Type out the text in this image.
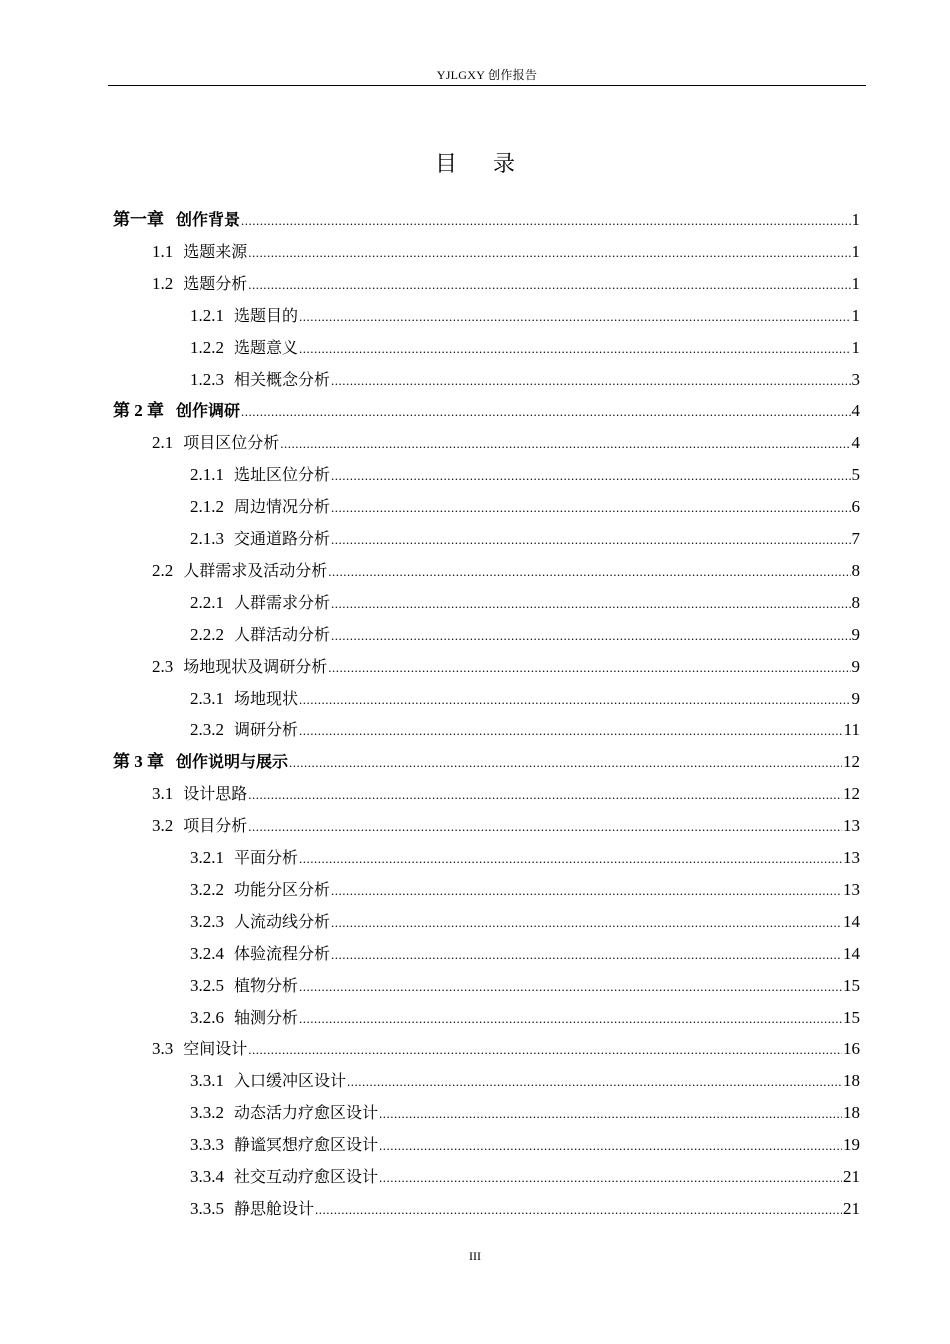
YJLGXY 创作报告
目 录
第一章 创作背景 .....	1
1.1 选题来源 .....	1
1.2 选题分析 .....	1
1.2.1 选题目的 .....	1
1.2.2 选题意义 .....	1
1.2.3 相关概念分析 .....	3
第 2 章 创作调研 .....	4
2.1 项目区位分析 .....	4
2.1.1 选址区位分析 .....	5
2.1.2 周边情况分析 .....	6
2.1.3 交通道路分析 .....	7
2.2 人群需求及活动分析 .....	8
2.2.1 人群需求分析 .....	8
2.2.2 人群活动分析 .....	9
2.3 场地现状及调研分析 .....	9
2.3.1 场地现状 .....	9
2.3.2 调研分析 .....	11
第 3 章 创作说明与展示 .....	12
3.1 设计思路 .....	12
3.2 项目分析 .....	13
3.2.1 平面分析 .....	13
3.2.2 功能分区分析 .....	13
3.2.3 人流动线分析 .....	14
3.2.4 体验流程分析 .....	14
3.2.5 植物分析 .....	15
3.2.6 轴测分析 .....	15
3.3 空间设计 .....	16
3.3.1 入口缓冲区设计 .....	18
3.3.2 动态活力疗愈区设计 .....	18
3.3.3 静谧冥想疗愈区设计 .....	19
3.3.4 社交互动疗愈区设计 .....	21
3.3.5 静思舱设计 .....	21
III
